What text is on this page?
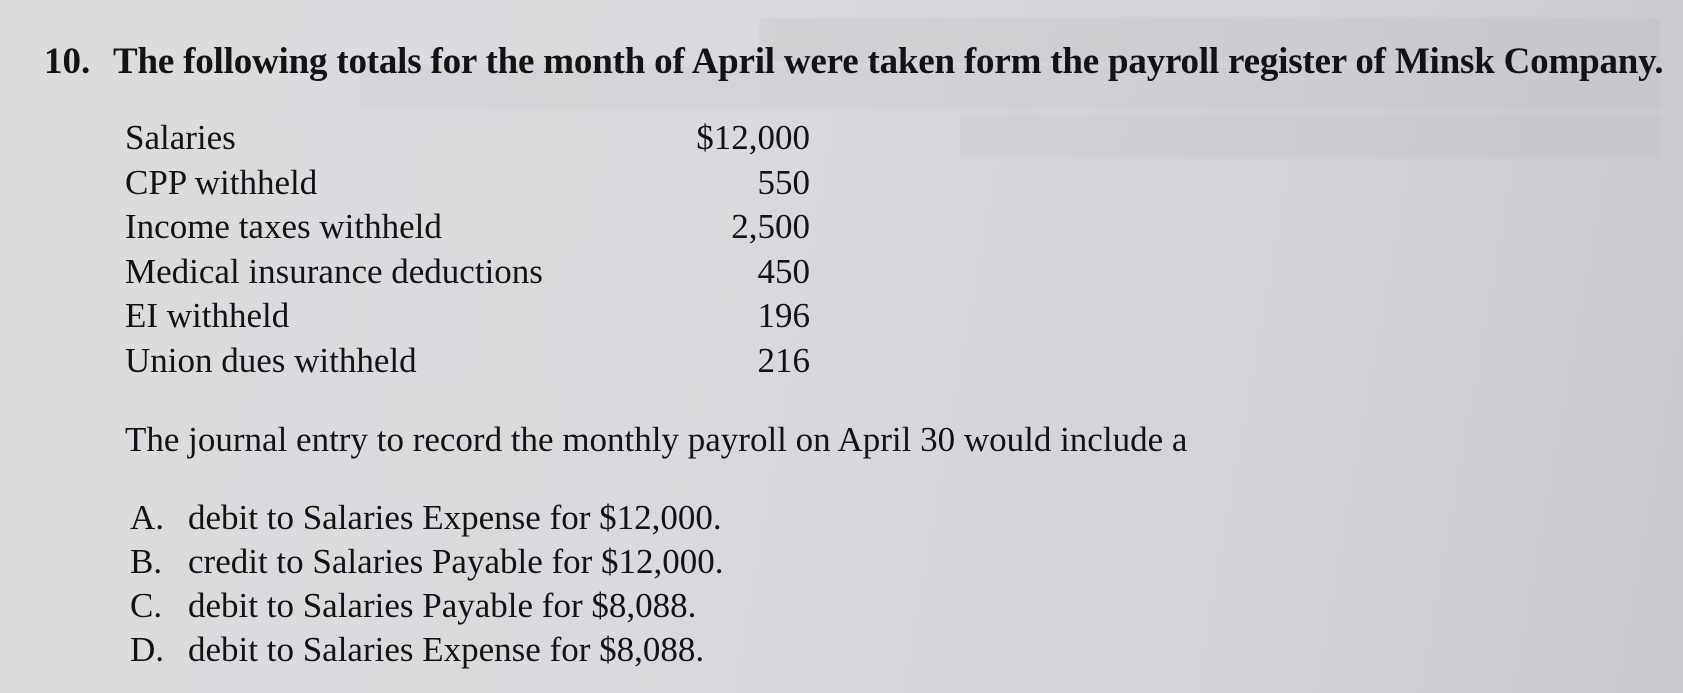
10. The following totals for the month of April were taken form the payroll register of Minsk Company.
Salaries	$12,000
CPP withheld	550
Income taxes withheld	2,500
Medical insurance deductions	450
EI withheld	196
Union dues withheld	216
The journal entry to record the monthly payroll on April 30 would include a
A. debit to Salaries Expense for $12,000.
B. credit to Salaries Payable for $12,000.
C. debit to Salaries Payable for $8,088.
D. debit to Salaries Expense for $8,088.
